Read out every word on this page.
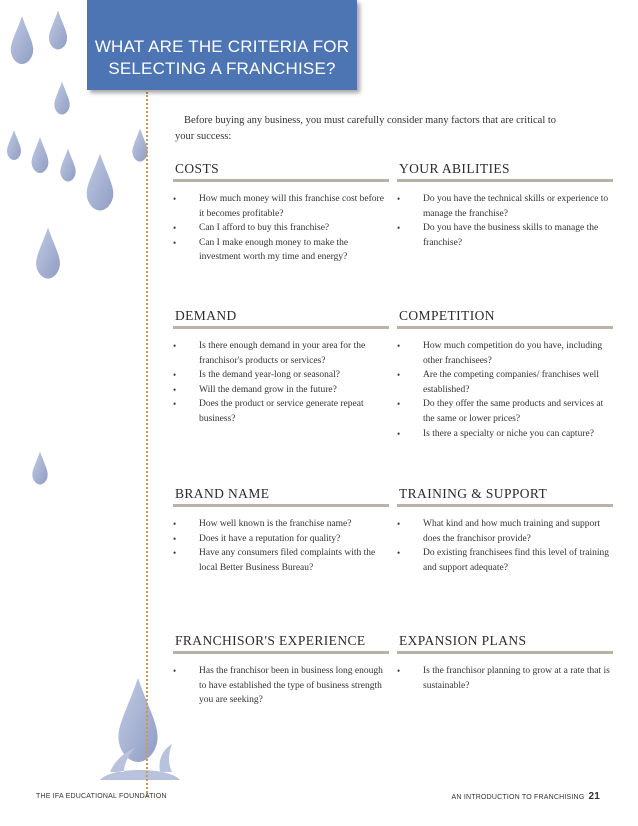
WHAT ARE THE CRITERIA FOR
SELECTING A FRANCHISE?
Before buying any business, you must carefully consider many factors that are critical to your success:
COSTS
• How much money will this franchise cost before it becomes profitable?
• Can I afford to buy this franchise?
• Can I make enough money to make the investment worth my time and energy?
YOUR ABILITIES
• Do you have the technical skills or experience to manage the franchise?
• Do you have the business skills to manage the franchise?
DEMAND
• Is there enough demand in your area for the franchisor's products or services?
• Is the demand year-long or seasonal?
• Will the demand grow in the future?
• Does the product or service generate repeat business?
COMPETITION
• How much competition do you have, including other franchisees?
• Are the competing companies/ franchises well established?
• Do they offer the same products and services at the same or lower prices?
• Is there a specialty or niche you can capture?
BRAND NAME
• How well known is the franchise name?
• Does it have a reputation for quality?
• Have any consumers filed complaints with the local Better Business Bureau?
TRAINING & SUPPORT
• What kind and how much training and support does the franchisor provide?
• Do existing franchisees find this level of training and support adequate?
FRANCHISOR'S EXPERIENCE
• Has the franchisor been in business long enough to have established the type of business strength you are seeking?
EXPANSION PLANS
• Is the franchisor planning to grow at a rate that is sustainable?
THE IFA EDUCATIONAL FOUNDATION	AN INTRODUCTION TO FRANCHISING 21
